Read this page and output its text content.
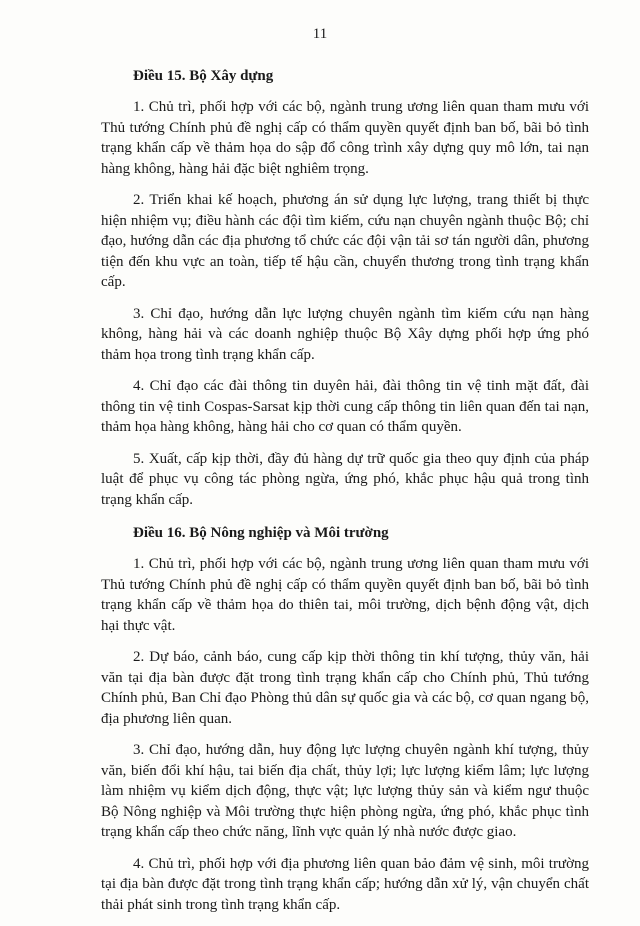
11
Điều 15. Bộ Xây dựng

1. Chủ trì, phối hợp với các bộ, ngành trung ương liên quan tham mưu với Thủ tướng Chính phủ đề nghị cấp có thẩm quyền quyết định ban bố, bãi bỏ tình trạng khẩn cấp về thảm họa do sập đổ công trình xây dựng quy mô lớn, tai nạn hàng không, hàng hải đặc biệt nghiêm trọng.

2. Triển khai kế hoạch, phương án sử dụng lực lượng, trang thiết bị thực hiện nhiệm vụ; điều hành các đội tìm kiếm, cứu nạn chuyên ngành thuộc Bộ; chỉ đạo, hướng dẫn các địa phương tổ chức các đội vận tải sơ tán người dân, phương tiện đến khu vực an toàn, tiếp tế hậu cần, chuyển thương trong tình trạng khẩn cấp.

3. Chỉ đạo, hướng dẫn lực lượng chuyên ngành tìm kiếm cứu nạn hàng không, hàng hải và các doanh nghiệp thuộc Bộ Xây dựng phối hợp ứng phó thảm họa trong tình trạng khẩn cấp.

4. Chỉ đạo các đài thông tin duyên hải, đài thông tin vệ tinh mặt đất, đài thông tin vệ tinh Cospas-Sarsat kịp thời cung cấp thông tin liên quan đến tai nạn, thảm họa hàng không, hàng hải cho cơ quan có thẩm quyền.

5. Xuất, cấp kịp thời, đầy đủ hàng dự trữ quốc gia theo quy định của pháp luật để phục vụ công tác phòng ngừa, ứng phó, khắc phục hậu quả trong tình trạng khẩn cấp.

Điều 16. Bộ Nông nghiệp và Môi trường

1. Chủ trì, phối hợp với các bộ, ngành trung ương liên quan tham mưu với Thủ tướng Chính phủ đề nghị cấp có thẩm quyền quyết định ban bố, bãi bỏ tình trạng khẩn cấp về thảm họa do thiên tai, môi trường, dịch bệnh động vật, dịch hại thực vật.

2. Dự báo, cảnh báo, cung cấp kịp thời thông tin khí tượng, thủy văn, hải văn tại địa bàn được đặt trong tình trạng khẩn cấp cho Chính phủ, Thủ tướng Chính phủ, Ban Chỉ đạo Phòng thủ dân sự quốc gia và các bộ, cơ quan ngang bộ, địa phương liên quan.

3. Chỉ đạo, hướng dẫn, huy động lực lượng chuyên ngành khí tượng, thủy văn, biến đổi khí hậu, tai biến địa chất, thủy lợi; lực lượng kiểm lâm; lực lượng làm nhiệm vụ kiểm dịch động, thực vật; lực lượng thủy sản và kiểm ngư thuộc Bộ Nông nghiệp và Môi trường thực hiện phòng ngừa, ứng phó, khắc phục tình trạng khẩn cấp theo chức năng, lĩnh vực quản lý nhà nước được giao.

4. Chủ trì, phối hợp với địa phương liên quan bảo đảm vệ sinh, môi trường tại địa bàn được đặt trong tình trạng khẩn cấp; hướng dẫn xử lý, vận chuyển chất thải phát sinh trong tình trạng khẩn cấp.
